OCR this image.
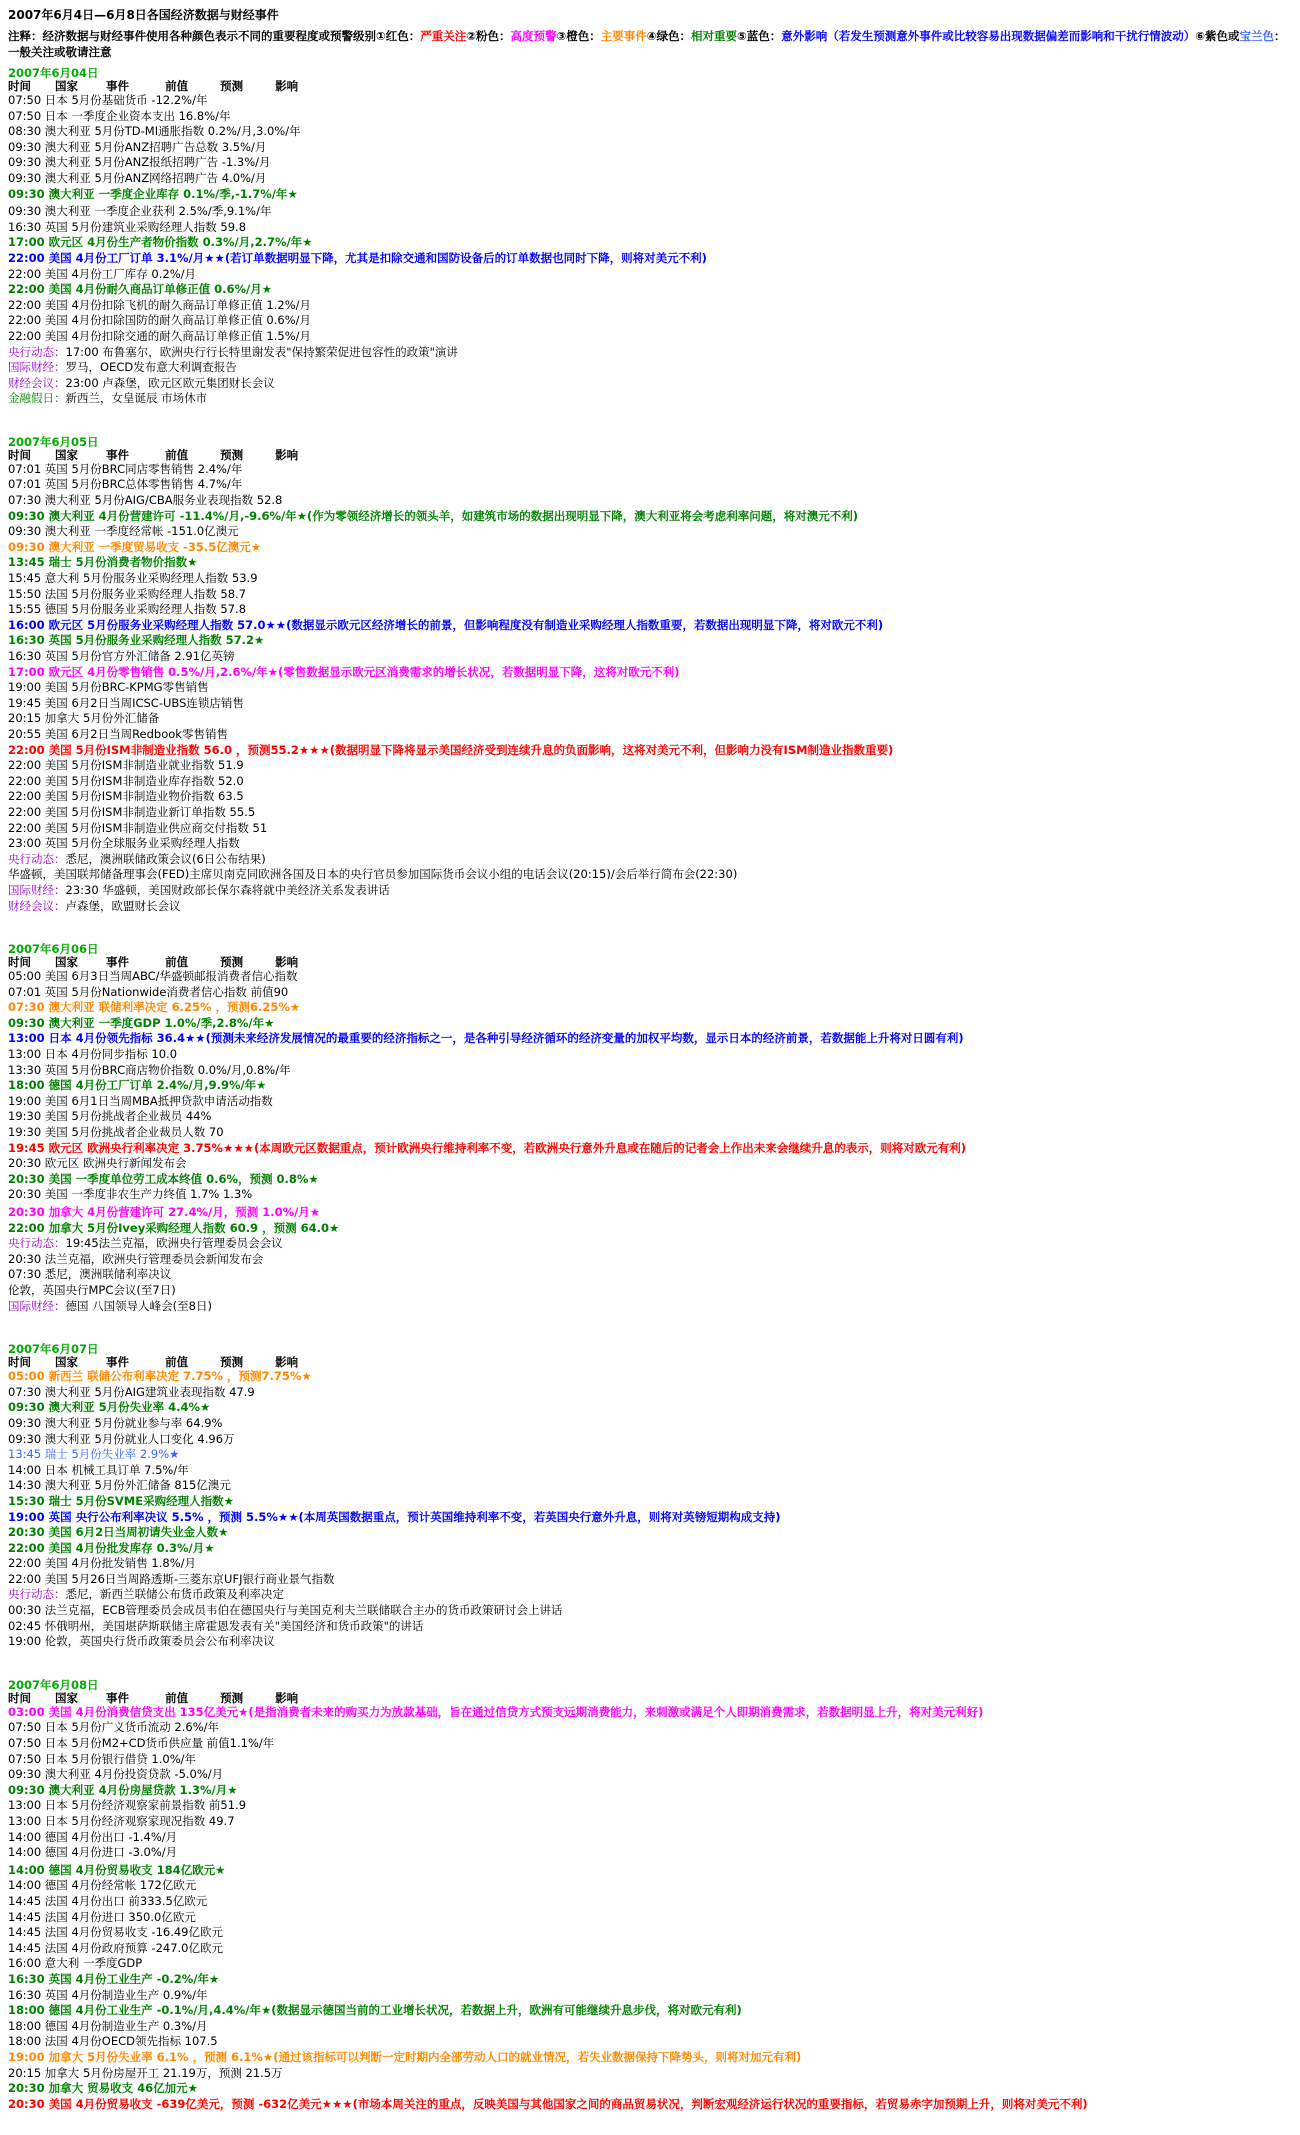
2007年6月4日—6月8日各国经济数据与财经事件
注释：经济数据与财经事件使用各种颜色表示不同的重要程度或预警级别①红色：严重关注②粉色：高度预警③橙色：主要事件④绿色：相对重要⑤蓝色：意外影响（若发生预测意外事件或比较容易出现数据偏差而影响和干扰行情波动）⑥紫色或宝兰色：一般关注或敬请注意
2007年6月04日
时间      国家       事件         前值        预测        影响
07:50 日本 5月份基础货币 -12.2%/年
07:50 日本 一季度企业资本支出 16.8%/年
08:30 澳大利亚 5月份TD-MI通胀指数 0.2%/月,3.0%/年
09:30 澳大利亚 5月份ANZ招聘广告总数 3.5%/月
09:30 澳大利亚 5月份ANZ报纸招聘广告 -1.3%/月
09:30 澳大利亚 5月份ANZ网络招聘广告 4.0%/月
09:30 澳大利亚 一季度企业库存 0.1%/季,-1.7%/年★
09:30 澳大利亚 一季度企业获利 2.5%/季,9.1%/年
16:30 英国 5月份建筑业采购经理人指数 59.8
17:00 欧元区 4月份生产者物价指数 0.3%/月,2.7%/年★
22:00 美国 4月份工厂订单 3.1%/月★★(若订单数据明显下降，尤其是扣除交通和国防设备后的订单数据也同时下降，则将对美元不利)
22:00 美国 4月份工厂库存 0.2%/月
22:00 美国 4月份耐久商品订单修正值 0.6%/月★
22:00 美国 4月份扣除飞机的耐久商品订单修正值 1.2%/月
22:00 美国 4月份扣除国防的耐久商品订单修正值 0.6%/月
22:00 美国 4月份扣除交通的耐久商品订单修正值 1.5%/月
央行动态：17:00 布鲁塞尔，欧洲央行行长特里谢发表"保持繁荣促进包容性的政策"演讲
国际财经：罗马，OECD发布意大利调查报告
财经会议：23:00 卢森堡，欧元区欧元集团财长会议
金融假日：新西兰，女皇诞辰 市场休市
2007年6月05日
时间      国家       事件         前值        预测        影响
07:01 英国 5月份BRC同店零售销售 2.4%/年
07:01 英国 5月份BRC总体零售销售 4.7%/年
07:30 澳大利亚 5月份AIG/CBA服务业表现指数 52.8
09:30 澳大利亚 4月份营建许可 -11.4%/月,-9.6%/年★(作为零领经济增长的领头羊，如建筑市场的数据出现明显下降，澳大利亚将会考虑利率问题，将对澳元不利)
09:30 澳大利亚 一季度经常帐 -151.0亿澳元
09:30 澳大利亚 一季度贸易收支 -35.5亿澳元★
13:45 瑞士 5月份消费者物价指数★
15:45 意大利 5月份服务业采购经理人指数 53.9
15:50 法国 5月份服务业采购经理人指数 58.7
15:55 德国 5月份服务业采购经理人指数 57.8
16:00 欧元区 5月份服务业采购经理人指数 57.0★★(数据显示欧元区经济增长的前景，但影响程度没有制造业采购经理人指数重要，若数据出现明显下降，将对欧元不利)
16:30 英国 5月份服务业采购经理人指数 57.2★
16:30 英国 5月份官方外汇储备 2.91亿英镑
17:00 欧元区 4月份零售销售 0.5%/月,2.6%/年★(零售数据显示欧元区消费需求的增长状况，若数据明显下降，这将对欧元不利)
19:00 美国 5月份BRC-KPMG零售销售
19:45 美国 6月2日当周ICSC-UBS连锁店销售
20:15 加拿大 5月份外汇储备
20:55 美国 6月2日当周Redbook零售销售
22:00 美国 5月份ISM非制造业指数 56.0 ，预测55.2★★★(数据明显下降将显示美国经济受到连续升息的负面影响，这将对美元不利，但影响力没有ISM制造业指数重要)
22:00 美国 5月份ISM非制造业就业指数 51.9
22:00 美国 5月份ISM非制造业库存指数 52.0
22:00 美国 5月份ISM非制造业物价指数 63.5
22:00 美国 5月份ISM非制造业新订单指数 55.5
22:00 美国 5月份ISM非制造业供应商交付指数 51
23:00 英国 5月份全球服务业采购经理人指数
央行动态：悉尼，澳洲联储政策会议(6日公布结果)
华盛顿，美国联邦储备理事会(FED)主席贝南克同欧洲各国及日本的央行官员参加国际货币会议小组的电话会议(20:15)/会后举行简布会(22:30)
国际财经：23:30 华盛顿，美国财政部长保尔森将就中美经济关系发表讲话
财经会议：卢森堡，欧盟财长会议
2007年6月06日
时间      国家       事件         前值        预测        影响
05:00 美国 6月3日当周ABC/华盛顿邮报消费者信心指数
07:01 英国 5月份Nationwide消费者信心指数 前值90
07:30 澳大利亚 联储利率决定 6.25% ，预测6.25%★
09:30 澳大利亚 一季度GDP 1.0%/季,2.8%/年★
13:00 日本 4月份领先指标 36.4★★(预测未来经济发展情况的最重要的经济指标之一，是各种引导经济循环的经济变量的加权平均数，显示日本的经济前景，若数据能上升将对日圆有利)
13:00 日本 4月份同步指标 10.0
13:30 英国 5月份BRC商店物价指数 0.0%/月,0.8%/年
18:00 德国 4月份工厂订单 2.4%/月,9.9%/年★
19:00 美国 6月1日当周MBA抵押贷款申请活动指数
19:30 美国 5月份挑战者企业裁员 44%
19:30 美国 5月份挑战者企业裁员人数 70
19:45 欧元区 欧洲央行利率决定 3.75%★★★(本周欧元区数据重点，预计欧洲央行维持利率不变，若欧洲央行意外升息或在随后的记者会上作出未来会继续升息的表示，则将对欧元有利)
20:30 欧元区 欧洲央行新闻发布会
20:30 美国 一季度单位劳工成本终值 0.6%，预测 0.8%★
20:30 美国 一季度非农生产力终值 1.7% 1.3%
20:30 加拿大 4月份营建许可 27.4%/月，预测 1.0%/月★
22:00 加拿大 5月份Ivey采购经理人指数 60.9 ，预测 64.0★
央行动态：19:45法兰克福，欧洲央行管理委员会会议
20:30 法兰克福，欧洲央行管理委员会新闻发布会
07:30 悉尼，澳洲联储利率决议
伦敦，英国央行MPC会议(至7日)
国际财经：德国 八国领导人峰会(至8日)
2007年6月07日
时间      国家       事件         前值        预测        影响
05:00 新西兰 联储公布利率决定 7.75% ，预测7.75%★
07:30 澳大利亚 5月份AIG建筑业表现指数 47.9
09:30 澳大利亚 5月份失业率 4.4%★
09:30 澳大利亚 5月份就业参与率 64.9%
09:30 澳大利亚 5月份就业人口变化 4.96万
13:45 瑞士 5月份失业率 2.9%★
14:00 日本 机械工具订单 7.5%/年
14:30 澳大利亚 5月份外汇储备 815亿澳元
15:30 瑞士 5月份SVME采购经理人指数★
19:00 英国 央行公布利率决议 5.5% ，预测 5.5%★★(本周英国数据重点，预计英国维持利率不变，若英国央行意外升息，则将对英镑短期构成支持)
20:30 美国 6月2日当周初请失业金人数★
22:00 美国 4月份批发库存 0.3%/月★
22:00 美国 4月份批发销售 1.8%/月
22:00 美国 5月26日当周路透斯-三菱东京UFJ银行商业景气指数
央行动态：悉尼，新西兰联储公布货币政策及利率决定
00:30 法兰克福，ECB管理委员会成员韦伯在德国央行与美国克利夫兰联储联合主办的货币政策研讨会上讲话
02:45 怀俄明州，美国堪萨斯联储主席霍恩发表有关"美国经济和货币政策"的讲话
19:00 伦敦，英国央行货币政策委员会公布利率决议
2007年6月08日
时间      国家       事件         前值        预测        影响
03:00 美国 4月份消费信贷支出 135亿美元★(是指消费者未来的购买力为放款基础，旨在通过信贷方式预支远期消费能力，来刺激或满足个人即期消费需求，若数据明显上升，将对美元利好)
07:50 日本 5月份广义货币流动 2.6%/年
07:50 日本 5月份M2+CD货币供应量 前值1.1%/年
07:50 日本 5月份银行借贷 1.0%/年
09:30 澳大利亚 4月份投资贷款 -5.0%/月
09:30 澳大利亚 4月份房屋贷款 1.3%/月★
13:00 日本 5月份经济观察家前景指数 前51.9
13:00 日本 5月份经济观察家现况指数 49.7
14:00 德国 4月份出口 -1.4%/月
14:00 德国 4月份进口 -3.0%/月
14:00 德国 4月份贸易收支 184亿欧元★
14:00 德国 4月份经常帐 172亿欧元
14:45 法国 4月份出口 前333.5亿欧元
14:45 法国 4月份进口 350.0亿欧元
14:45 法国 4月份贸易收支 -16.49亿欧元
14:45 法国 4月份政府预算 -247.0亿欧元
16:00 意大利 一季度GDP
16:30 英国 4月份工业生产 -0.2%/年★
16:30 英国 4月份制造业生产 0.9%/年
18:00 德国 4月份工业生产 -0.1%/月,4.4%/年★(数据显示德国当前的工业增长状况，若数据上升，欧洲有可能继续升息步伐，将对欧元有利)
18:00 德国 4月份制造业生产 0.3%/月
18:00 法国 4月份OECD领先指标 107.5
19:00 加拿大 5月份失业率 6.1% ，预测 6.1%★(通过该指标可以判断一定时期内全部劳动人口的就业情况，若失业数据保持下降势头，则将对加元有利)
20:15 加拿大 5月份房屋开工 21.19万，预测 21.5万
20:30 加拿大 贸易收支 46亿加元★
20:30 美国 4月份贸易收支 -639亿美元，预测 -632亿美元★★★(市场本周关注的重点，反映美国与其他国家之间的商品贸易状况，判断宏观经济运行状况的重要指标，若贸易赤字加预期上升，则将对美元不利)
